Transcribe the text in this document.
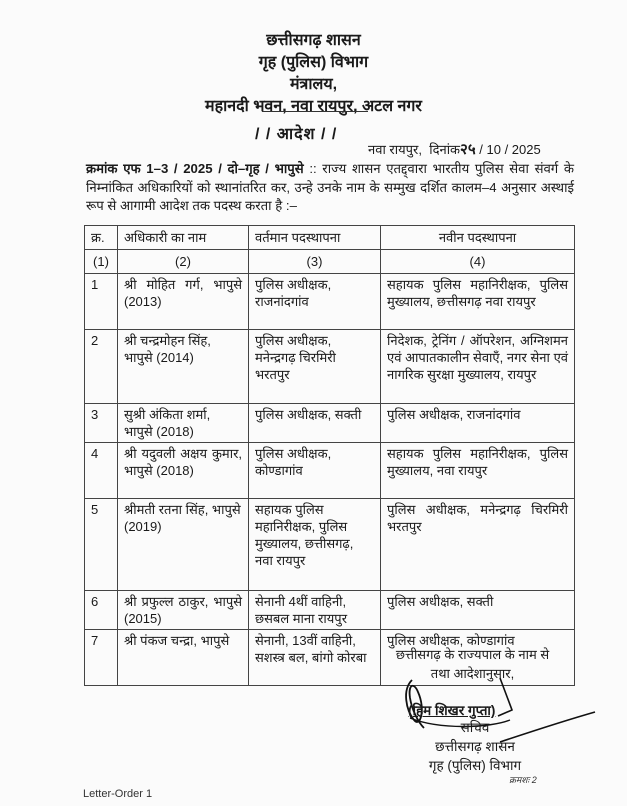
छत्तीसगढ़ शासन
गृह (पुलिस) विभाग
मंत्रालय,
महानदी भवन, नवा रायपुर, अटल नगर
/ / आदेश / /
नवा रायपुर, दिनांक२५ / 10 / 2025
क्रमांक एफ 1–3 / 2025 / दो–गृह / भापुसे :: राज्य शासन एतद्द्वारा भारतीय पुलिस सेवा संवर्ग के निम्नांकित अधिकारियों को स्थानांतरित कर, उन्हे उनके नाम के सम्मुख दर्शित कालम–4 अनुसार अस्थाई रूप से आगामी आदेश तक पदस्थ करता है :–
क्र.	अधिकारी का नाम	वर्तमान पदस्थापना	नवीन पदस्थापना
(1)	(2)	(3)	(4)
1	श्री मोहित गर्ग, भापुसे (2013)	पुलिस अधीक्षक, राजनांदगांव	सहायक पुलिस महानिरीक्षक, पुलिस मुख्यालय, छत्तीसगढ़ नवा रायपुर
2	श्री चन्द्रमोहन सिंह, भापुसे (2014)	पुलिस अधीक्षक, मनेन्द्रगढ़ चिरमिरी भरतपुर	निदेशक, ट्रेनिंग / ऑपरेशन, अग्निशमन एवं आपातकालीन सेवाएँ, नगर सेना एवं नागरिक सुरक्षा मुख्यालय, रायपुर
3	सुश्री अंकिता शर्मा, भापुसे (2018)	पुलिस अधीक्षक, सक्ती	पुलिस अधीक्षक, राजनांदगांव
4	श्री यदुवली अक्षय कुमार, भापुसे (2018)	पुलिस अधीक्षक, कोण्डागांव	सहायक पुलिस महानिरीक्षक, पुलिस मुख्यालय, नवा रायपुर
5	श्रीमती रतना सिंह, भापुसे (2019)	सहायक पुलिस महानिरीक्षक, पुलिस मुख्यालय, छत्तीसगढ़, नवा रायपुर	पुलिस अधीक्षक, मनेन्द्रगढ़ चिरमिरी भरतपुर
6	श्री प्रफुल्ल ठाकुर, भापुसे (2015)	सेनानी 4थीं वाहिनी, छसबल माना रायपुर	पुलिस अधीक्षक, सक्ती
7	श्री पंकज चन्द्रा, भापुसे	सेनानी, 13वीं वाहिनी, सशस्त्र बल, बांगो कोरबा	पुलिस अधीक्षक, कोण्डागांव
छत्तीसगढ़ के राज्यपाल के नाम से
तथा आदेशानुसार,
(हिम शिखर गुप्ता)
सचिव
छत्तीसगढ़ शासन
गृह (पुलिस) विभाग
क्रमशः 2
Letter-Order 1
